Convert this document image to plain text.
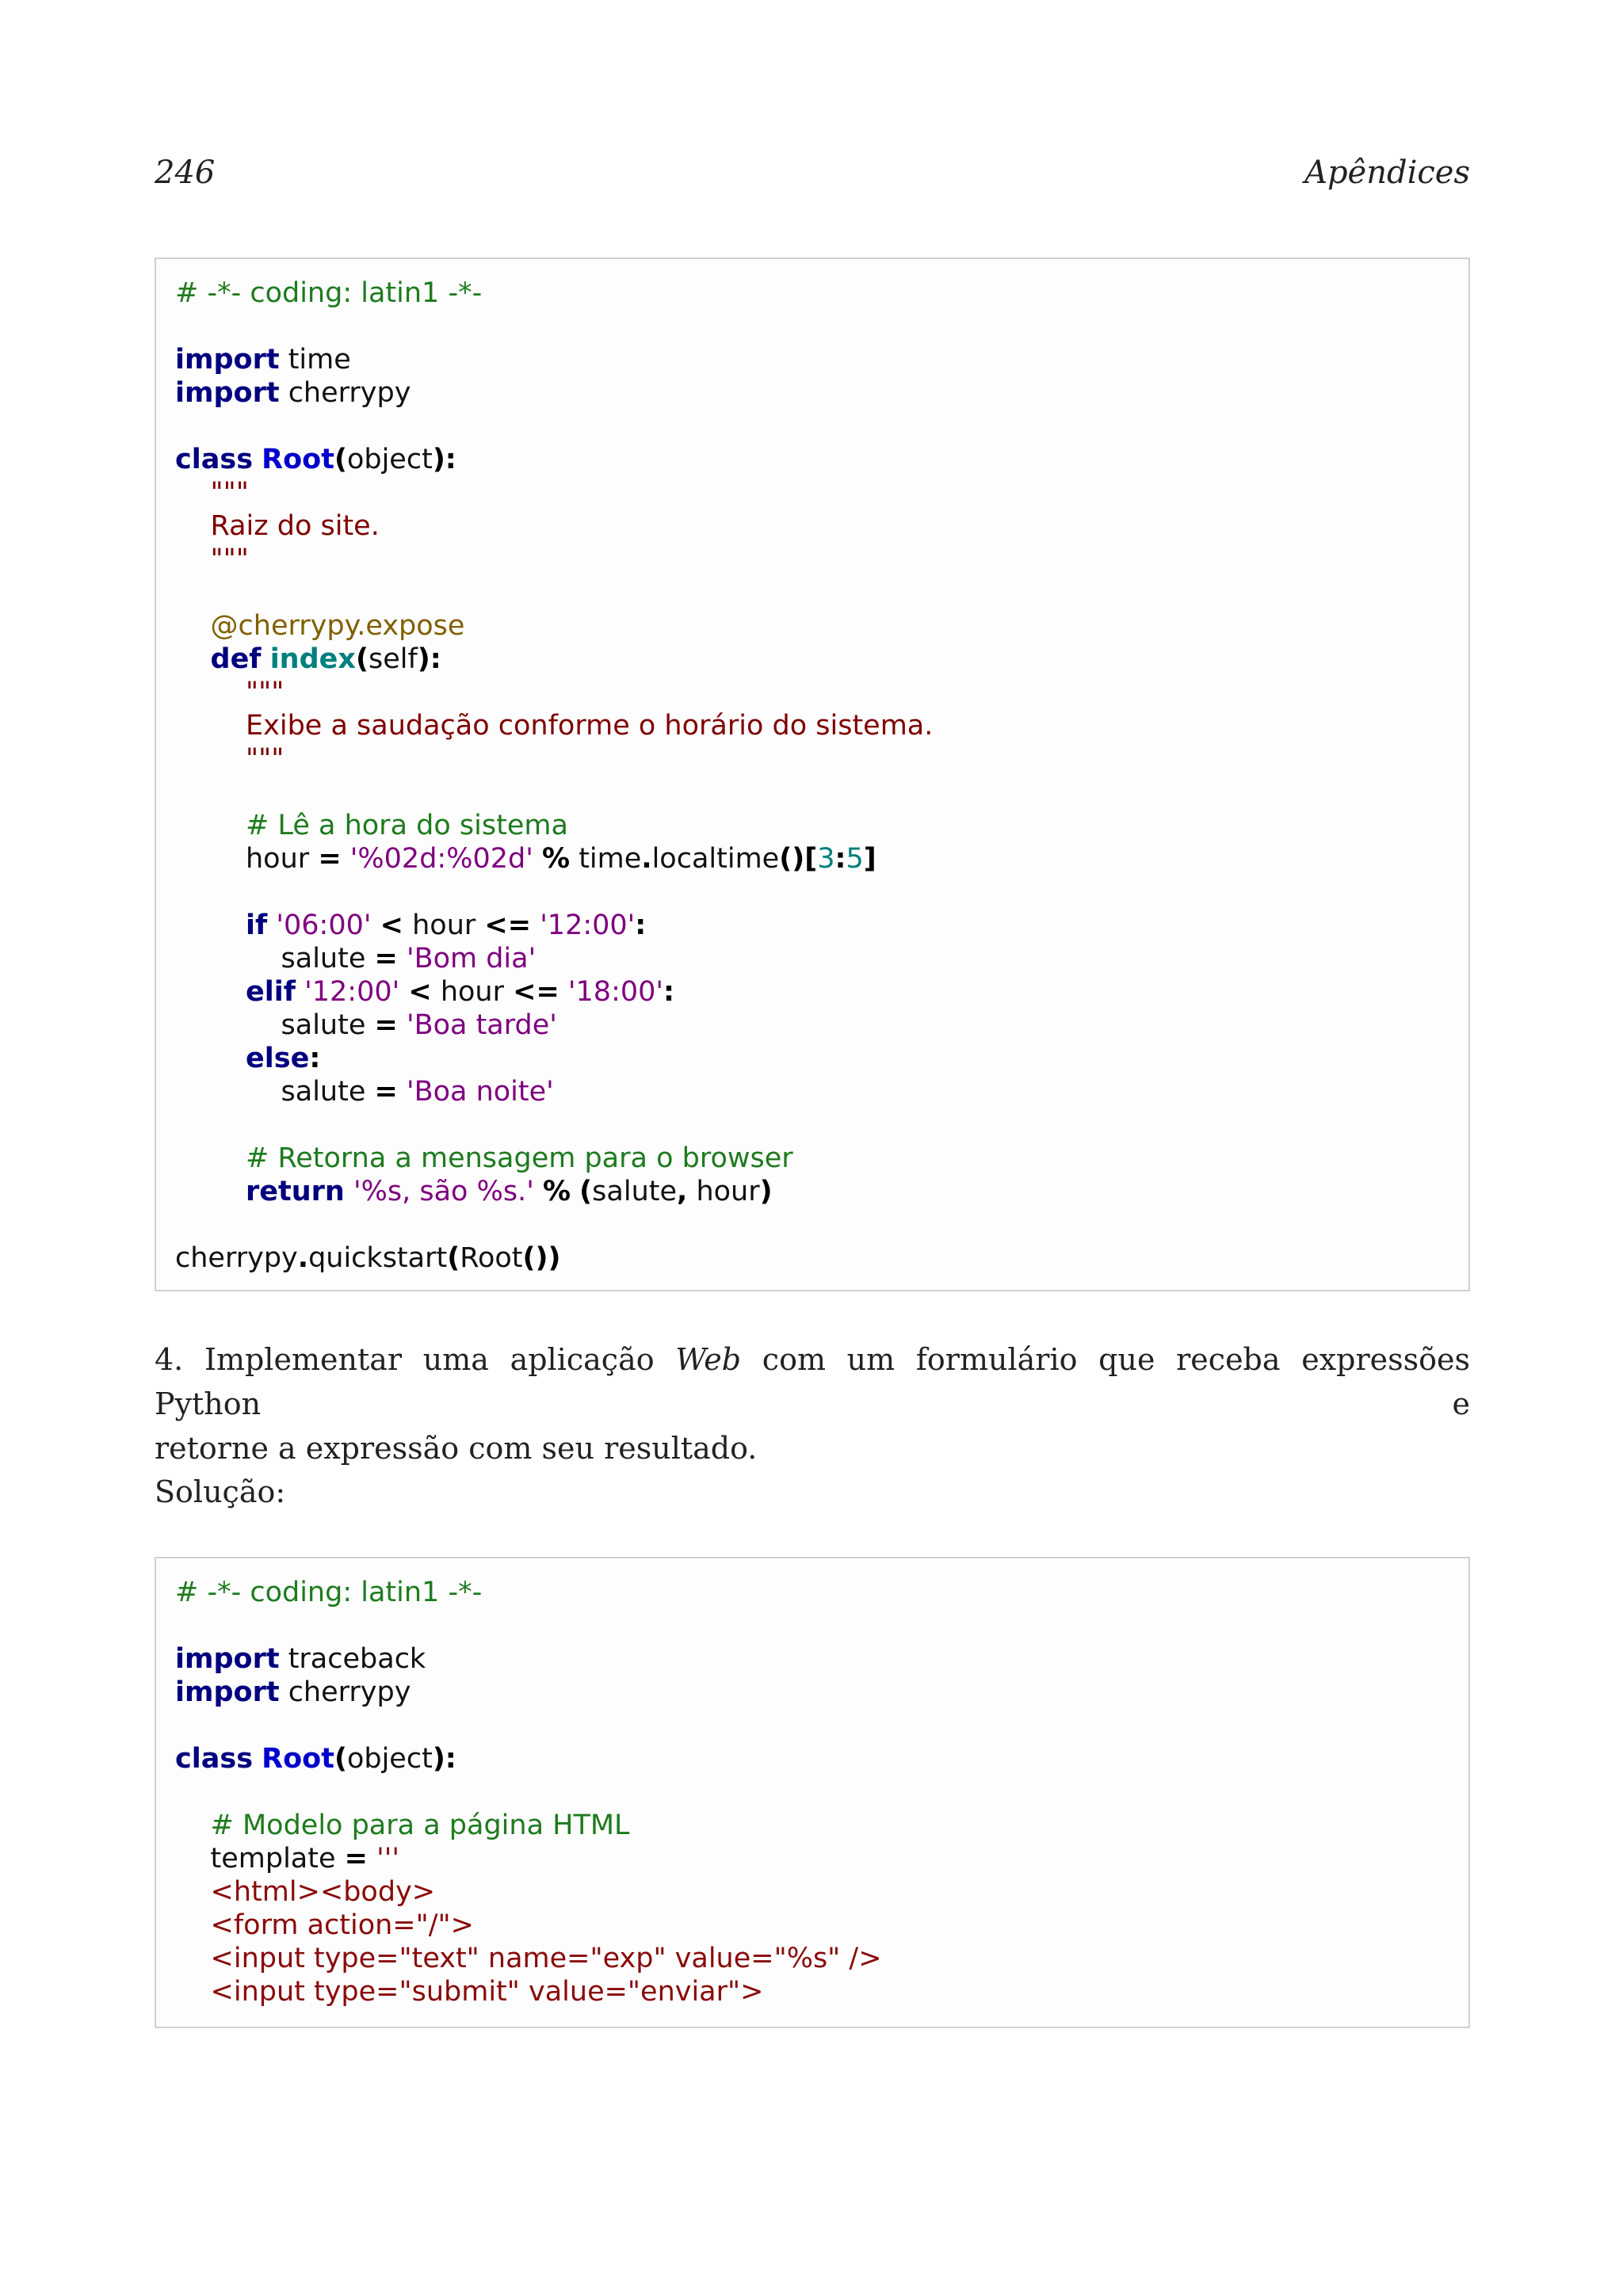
246	Apêndices
# -*- coding: latin1 -*-
import time
import cherrypy
class Root(object):
"""
Raiz do site.
"""
@cherrypy.expose
def index(self):
"""
Exibe a saudação conforme o horário do sistema.
"""
# Lê a hora do sistema
hour = '%02d:%02d' % time.localtime()[3:5]
if '06:00' < hour <= '12:00':
salute = 'Bom dia'
elif '12:00' < hour <= '18:00':
salute = 'Boa tarde'
else:
salute = 'Boa noite'
# Retorna a mensagem para o browser
return '%s, são %s.' % (salute, hour)
cherrypy.quickstart(Root())
4. Implementar uma aplicação Web com um formulário que receba expressões Python e
retorne a expressão com seu resultado.
Solução:
# -*- coding: latin1 -*-
import traceback
import cherrypy
class Root(object):
# Modelo para a página HTML
template = '''
<html><body>
<form action="/">
<input type="text" name="exp" value="%s" />
<input type="submit" value="enviar">
